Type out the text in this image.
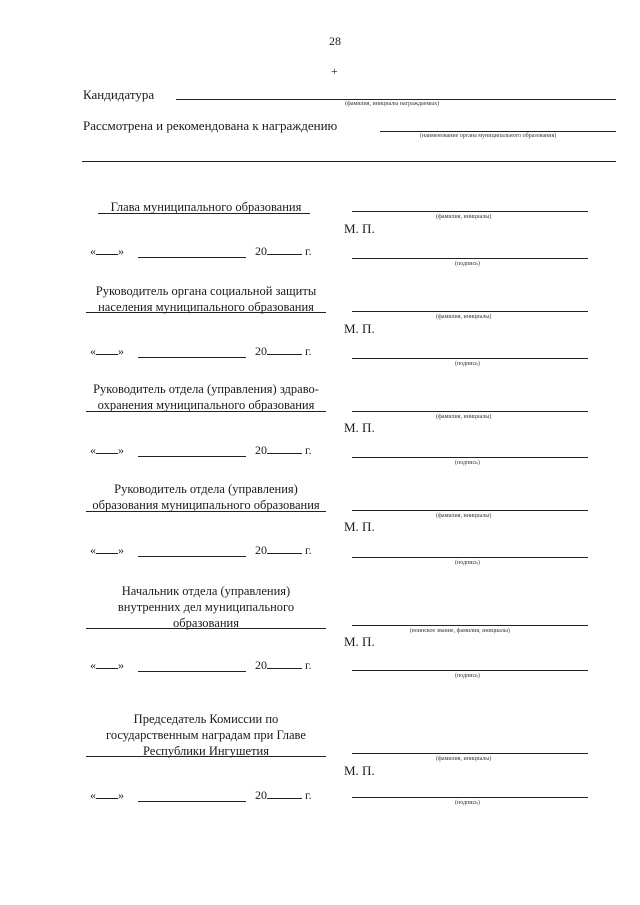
28
+
Кандидатура
(фамилия, инициалы награждаемых)
Рассмотрена и рекомендована к награждению
(наименование органа муниципального образования)
Глава муниципального образования
(фамилия, инициалы)
М. П.
« »	20	г.
(подпись)
Руководитель органа социальной защиты
населения муниципального образования
(фамилия, инициалы)
М. П.
« »	20	г.
(подпись)
Руководитель отдела (управления) здраво-
охранения муниципального образования
(фамилия, инициалы)
М. П.
« »	20	г.
(подпись)
Руководитель отдела (управления)
образования муниципального образования
(фамилия, инициалы)
М. П.
« »	20	г.
(подпись)
Начальник отдела (управления)
внутренних дел муниципального
образования
(воинское звание, фамилия, инициалы)
М. П.
« »	20	г.
(подпись)
Председатель Комиссии по
государственным наградам при Главе
Республики Ингушетия
(фамилия, инициалы)
М. П.
« »	20	г.
(подпись)
